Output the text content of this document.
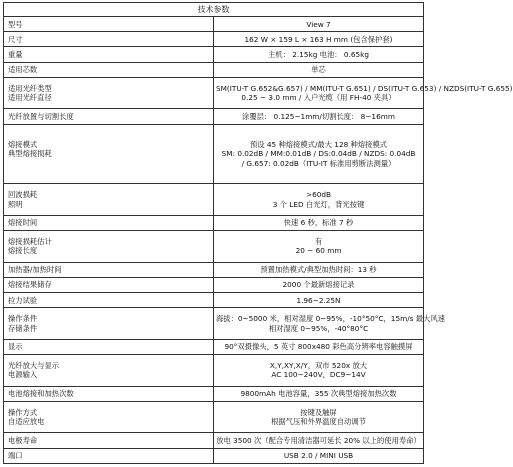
技术参数	
型号	View 7
尺寸	162 W × 159 L × 163 H mm (包含保护套)
重量	主机： 2.15kg 电池： 0.65kg
适用芯数	单芯

适用光纤类型
适用光纤直径	SM(ITU-T G.652&G.657) / MM(ITU-T G.651) / DS(ITU-T G.653) / NZDS(ITU-T G.655)
0.25 ~ 3.0 mm / 入户光缆（用 FH-40 夹具）

光纤放置与切割长度	涂覆层： 0.125~1mm/切割长度： 8~16mm

熔接模式
典型熔接损耗	预设 45 种熔接模式/最大 128 种熔接模式
SM: 0.02dB / MM:0.01dB / DS:0.04dB / NZDS: 0.04dB
/ G.657: 0.02dB（ITU-IT 标准用剪断法测量）

回波损耗
照明	>60dB
3 个 LED 白光灯，背光按键

熔接时间	快速 6 秒，标准 7 秒

熔接损耗估计
熔接长度	有
20 ~ 60 mm

加热器/加热时间	预置加热模式/典型加热时间：13 秒
熔接结果储存	2000 个最新熔接记录
拉力试验	1.96~2.25N

操作条件
存储条件	海拔：0~5000 米，相对湿度 0~95%，-10°50°C，15m/s 最大风速
相对湿度 0~95%，-40°80°C

显示	90°双摄像头，5 英寸 800x480 彩色高分辨率电容触摸屏

光纤放大与显示
电源输入	X,Y,XY,X/Y，双市 520x 放大
AC 100~240V，DC9~14V

电池熔接和加热次数	9800mAh 电池容量，355 次典型熔接加热次数

操作方式
自适应放电	按键及触屏
根据气压和外界温度自动调节

电极寿命	放电 3500 次（配合专用清洁器可延长 20% 以上的使用寿命）
端口	USB 2.0 / MINI USB
